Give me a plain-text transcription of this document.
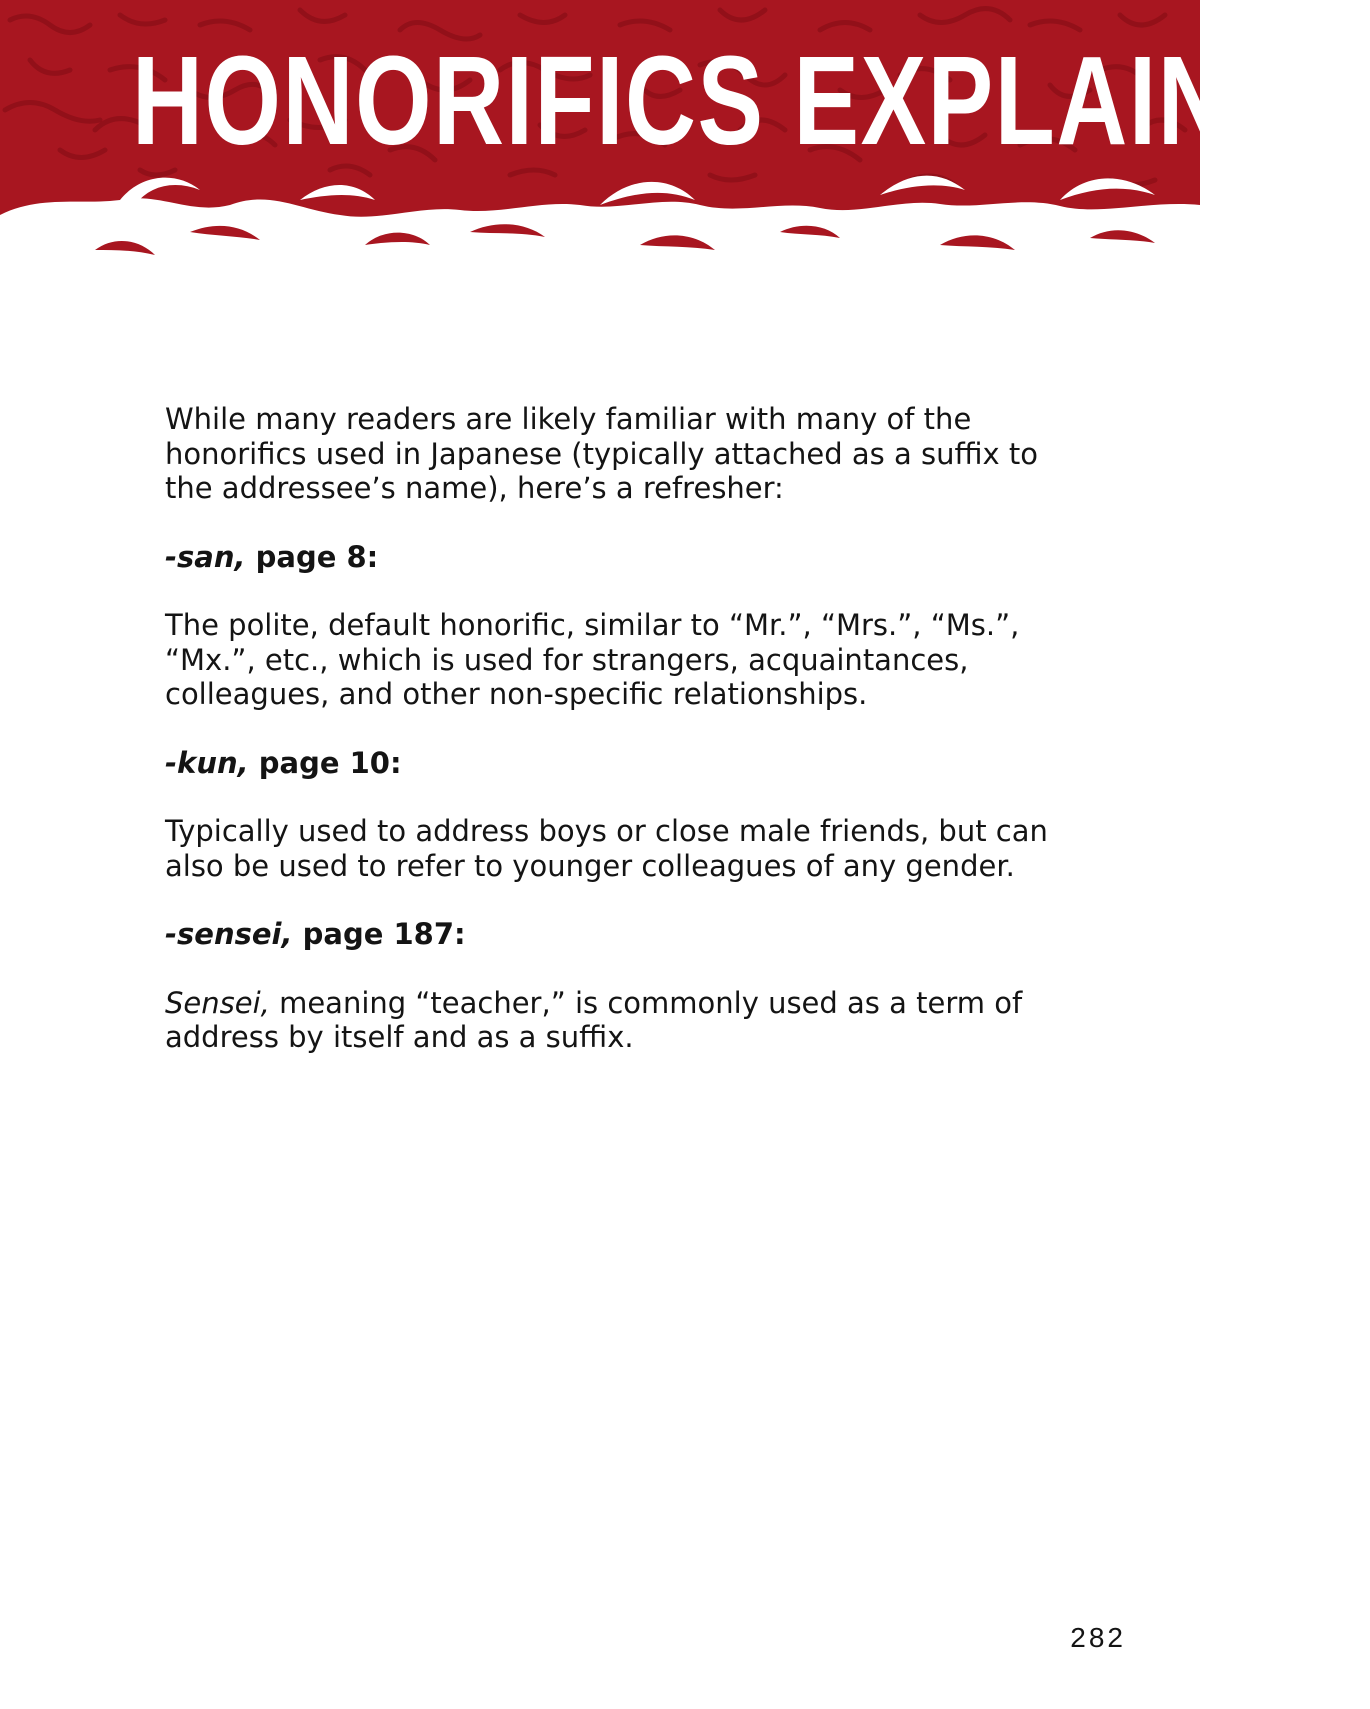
HONORIFICS EXPLAINED

While many readers are likely familiar with many of the honorifics used in Japanese (typically attached as a suffix to the addressee’s name), here’s a refresher:

-san, page 8:

The polite, default honorific, similar to “Mr.”, “Mrs.”, “Ms.”, “Mx.”, etc., which is used for strangers, acquaintances, colleagues, and other non-specific relationships.

-kun, page 10:

Typically used to address boys or close male friends, but can also be used to refer to younger colleagues of any gender.

-sensei, page 187:

Sensei, meaning “teacher,” is commonly used as a term of address by itself and as a suffix.

282
